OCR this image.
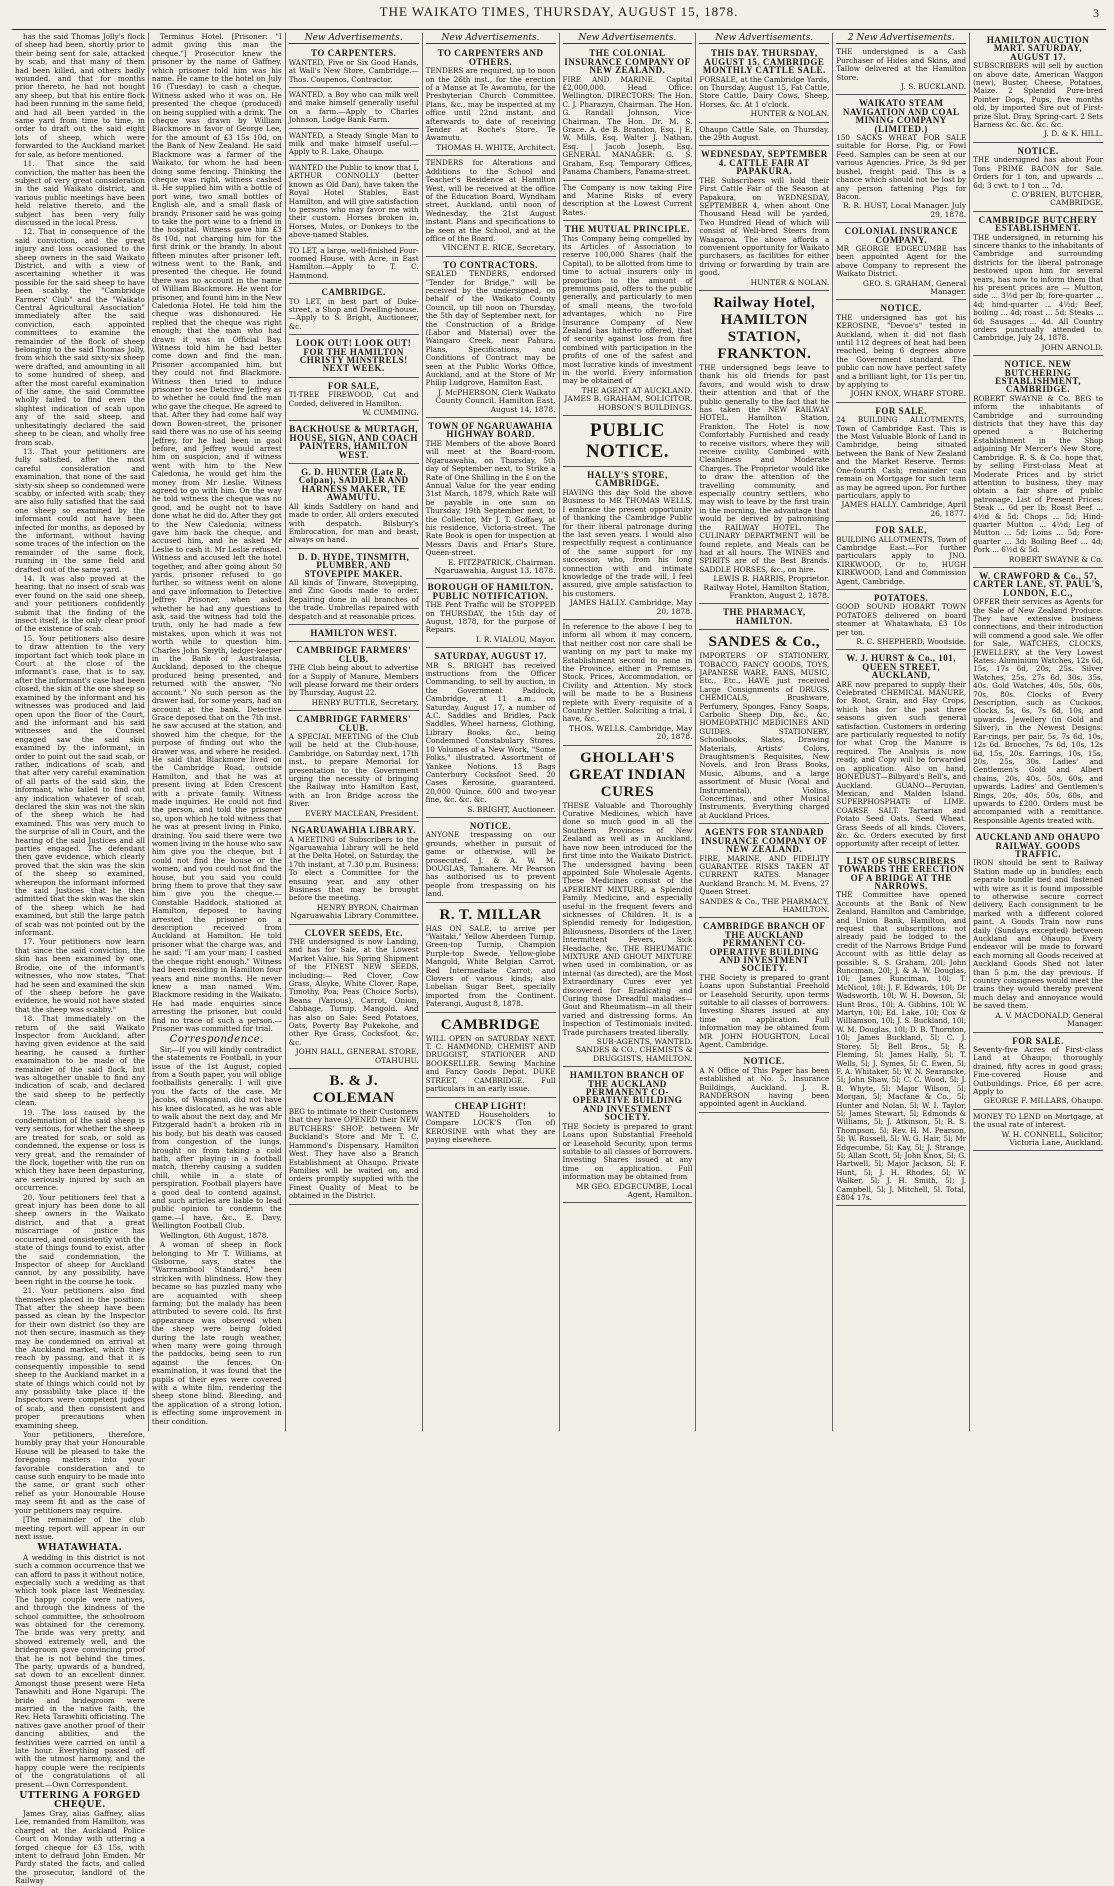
THE WAIKATO TIMES, THURSDAY, AUGUST 15, 1878.	3

has the said Thomas Jolly's flock of sheep had been, shortly prior to their being sent for sale, attacked by scab, and that many of them had been killed, and others badly wounded, and that for months prior thereto, he had not bought any sheep, but that his entire flock had been running in the same field, and had all been yarded in the same yard from time to time, in order to draft out the said eight lots of sheep, which were forwarded to the Auckland market for sale, as before mentioned.

11. That since the said conviction, the matter has been the subject of very great consideration in the said Waikato district, and various public meetings have been held relative thereto, and the subject has been very fully discussed in the local Press.

12. That in consequence of the said conviction, and the great injury and loss occasioned to the sheep owners in the said Waikato District, and with a view of ascertaining whether it was possible for the said sheep to have been scabby, the "Cambridge Farmers' Club" and the "Waikato Central Agricultural Association" immediately after the said conviction, each appointed committees to examine the remainder of the flock of sheep belonging to the said Thomas Jolly, from which the said sixty-six sheep were drafted, and amounting in all to some hundred of sheep, and after the most careful examination of the same, the said Committee wholly failed to find even the slightest indication of scab upon any of the said sheep, and unhesitatingly declared the said sheep to be clean, and wholly free from scab.

13. That your petitioners are fully satisfied, after the most careful consideration and examination, that none of the said sixty-six sheep so condemned were scabby, or infected with scab; they are also fully satisfied that the said one sheep so examined by the informant could not have been infected for months, as deposed by the informant, without having some traces of the infection on the remainder of the same flock, running in the same field and drafted out of the same yard.

14. It was also proved at the hearing, that no insect of scab was ever found on the said one sheep, and your petitioners confidently submit that the finding of the insect itself, is the only clear proof of the existence of scab.

15. Your petitioners also desire to draw attention to the very important fact which took place in Court at the close of the informant's case, that is to say, after the informant's case had been closed, the skin of the one sheep so examined by the informant and his witnesses was produced and laid open upon the floor of the Court, and the informant and his said witnesses and the Counsel engaged saw the said skin examined by the informant, in order to point out the said scab, or rather, indications of scab, and that after very careful examination of all parts of the said skin, the informant, who failed to find out any indication whatever of scab, declared the skin was not the skin of the sheep which he had examined. This was very much to the surprise of all in Court, and the hearing of the said Justices and all parties engaged. The defendant then gave evidence, which clearly proved that the skin was the skin of the sheep so examined, whereupon the informant informed the said Justices that he then admitted that the skin was the skin of the sheep which he had examined, but still the large patch of scab was not pointed out by the informant.

17. Your petitioners now learn that since the said conviction, the skin has been examined by one, Brodie, one of the informant's witnesses, who now states, "That had he seen and examined the skin of the sheep before he gave evidence, he would not have stated that the sheep was scabby."

18. That immediately on the return of the said Waikato Inspector from Auckland, after having given evidence at the said hearing, he caused a further examination to be made of the remainder of the said flock, but was altogether unable to find any indication of scab, and declared the said sheep to be perfectly clean.

19. The loss caused by the condemnation of the said sheep is very serious, for whether the sheep are treated for scab, or sold as condemned, the expense or loss is very great, and the remainder of the flock, together with the run on which they have been depasturing, are seriously injured by such an occurrence.

20. Your petitioners feel that a great injury has been done to all sheep owners in the Waikato district, and that a great miscarriage of justice has occurred, and consistently with the state of things found to exist, after the said condemnation, the Inspector of sheep for Auckland cannot, by any possibility, have been right in the course he took.

21. Your petitioners also find themselves placed in the position: That after the sheep have been passed as clean by the Inspector for their own district (so they are not then secure, inasmuch as they may be condemned on arrival at the Auckland market, which they reach by passing, and that it is consequently impossible to send sheep to the Auckland market in a state of things which could not by any possibility take place if the Inspectors were competent judges of scab, and then consistent and proper precautions when examining sheep.

Your petitioners, therefore, humbly pray that your Honourable House will be pleased to take the foregoing matters into your favorable consideration and to cause such enquiry to be made into the same, or grant such other relief as your Honourable House may seem fit and as the case of your petitioners may require.

[The remainder of the club meeting report will appear in our next issue.

WHATAWHATA.

A wedding in this district is not such a common occurrence that we can afford to pass it without notice, especially such a wedding as that which took place last Wednesday. The happy couple were natives, and through the kindness of the school committee, the schoolroom was obtained for the ceremony. The bride was very pretty, and showed extremely well, and the bridegroom gave convincing proof that he is not behind the times. The party, upwards of a hundred, sat down to an excellent dinner. Amongst those present were Heta Tanawhiti and Hone Ngarupi. The bride and bridegroom were married in the native faith, the Rev. Heta Tarawhiti officiating. The natives gave another proof of their dancing abilities, and the festivities were carried on until a late hour. Everything passed off with the utmost harmony, and the happy couple were the recipients of the congratulations of all present.—Own Correspondent.

UTTERING A FORGED CHEQUE.

James Gray, alias Gaffney, alias Lee, remanded from Hamilton, was charged at the Auckland Police Court on Monday with uttering a forged cheque for £3 15s, with intent to defraud John Emden. Mr Pardy stated the facts, and called the prosecutor, landlord of the Railway

Terminus Hotel. [Prisoner: "I admit giving this man the cheque."] Prosecutor knew the prisoner by the name of Gaffney, which prisoner told him was his name. He came to the hotel on July 16 (Tuesday) to cash a cheque. Witness asked who it was on. He presented the cheque (produced) on being supplied with a drink. The cheque was drawn by William Blackmore in favor of George Lee, for the amount of £3 15s 10d, on the Bank of New Zealand. He said Blackmore was a farmer of the Waikato, for whom he had been doing some fencing. Thinking the cheque was right, witness cashed it. He supplied him with a bottle of port wine, two small bottles of English ale, and a small flask of brandy. Prisoner said he was going to take the port wine to a friend in the hospital. Witness gave him £3 8s 10d, not charging him for the first drink or the brandy. In about fifteen minutes after prisoner left, witness went to the Bank, and presented the cheque. He found there was no account in the name of William Blackmore. He went for prisoner, and found him in the New Caledonia Hotel. He told him the cheque was dishonoured. He replied that the cheque was right enough; that the man who had drawn it was in Official Bay. Witness told him he had better come down and find the man. Prisoner accompanied him, but they could not find Blackmore. Witness then tried to induce prisoner to see Detective Jeffrey as to whether he could find the man who gave the cheque. He agreed to that. After they had come half way down Bowen-street, the prisoner said there was no use of his seeing Jeffrey, for he had been in gaol before, and Jeffrey would arrest him on suspicion, and if witness went with him to the New Caledonia, he would get him the money from Mr Leslie. Witness agreed to go with him. On the way he told witness the cheque was no good, and he ought not to have done what he did do. After they got to the New Caledonia, witness gave him back the cheque, and accused him, and he asked Mr Leslie to cash it. Mr Leslie refused. Witness and accused left the hotel together, and after going about 50 yards, prisoner refused to go further, so witness went on alone and gave information to Detective Jeffrey. Prisoner, when asked whether he had any questions to ask, said the witness had told the truth, only he had made a few mistakes, upon which it was not worth while to question him. Charles John Smyth, ledger-keeper in the Bank of Australasia, Auckland, deposed to the cheque produced being presented, and returned with the answer, "No account." No such person as the drawer had, for some years, had an account at the bank. Detective Grace deposed that on the 7th inst. he saw accused at the station, and showed him the cheque, for the purpose of finding out who the drawer was, and where he resided. He said that Blackmore lived on the Cambridge Road, outside Hamilton, and that he was at present living at Eden Crescent with a private family. Witness made inquiries. He could not find the person, and told the prisoner so, upon which he told witness that he was at present living in Pinko, draining. You said there were two women living in the house who saw him give you the cheque, but I could not find the house or the women, and you could not find the house, but you said you could bring them to prove that they saw him give you the cheque.—Constable Haddock, stationed at Hamilton, deposed to having arrested the prisoner on a description received from Auckland at Hamilton. He told prisoner what the charge was, and he said: "I am your man; I cashed the cheque right enough." Witness had been residing in Hamilton four years and nine months. He never knew a man named Wm. Blackmore residing in the Waikato. He had made enquiries since arresting the prisoner, but could find no trace of such a person.—Prisoner was committed for trial.

Correspondence.

Sir,—If you will kindly contradict the statements re Football, in your issue of the 1st August, copied from a South paper, you will oblige footballists generally. I will give you the facts of the case. Mr Jacobs, of Wanganui, did not have his knee dislocated, as he was able to walk about the next day, and Mr Fitzgerald hadn't a broken rib in his body, but his death was caused from congestion of the lungs, brought on from taking a cold bath, after playing in a football match, thereby causing a sudden chill, while in a state of perspiration. Football players have a good deal to contend against, and such articles are liable to lead public opinion to condemn the game.—I have, &c., E. Davy, Wellington Football Club.

Wellington, 6th August, 1878.

A woman of sheep in flock belonging to Mr T. Williams, at Gisborne, says, states the "Warrnambool Standard," been stricken with blindness. How they became so has puzzled many who are acquainted with sheep farming; but the malady has been attributed to severe cold. Its first appearance was observed when the sheep were being folded during the late rough weather, when many were going through the paddocks, being seen to run against the fences. On examination, it was found that the pupils of their eyes were covered with a white film, rendering the sheep stone blind. Bleeding, and the application of a strong lotion, is effecting some improvement in their condition.

New Advertisements.
TO CARPENTERS.
WANTED, Five or Six Good Hands, at Wall's New Store, Cambridge.—Thos. Coupenos, Contractor.
WANTED, a Boy who can milk well and make himself generally useful on a farm.—Apply to Charles Johnson, Lodge Bank Farm.
WANTED, a Steady Single Man to milk and make himself useful.—Apply to R. Lake, Ohaupo.
WANTED the Public to know that I, ARTHUR CONNOLLY (better known as Old Dan), have taken the Royal Hotel Stables, East Hamilton, and will give satisfaction to persons who may favor me with their custom. Horses broken in. Horses, Mules, or Donkeys to the above-named Stables.
TO LET, a large, well-finished Four-roomed House, with Acre, in East Hamilton.—Apply to T. C. Hammond.
CAMBRIDGE.
TO LET, in best part of Duke-street, a Shop and Dwelling-house.—Apply to S. Bright, Auctioneer, &c.
LOOK OUT! LOOK OUT! FOR THE HAMILTON CHRISTY MINSTRELS! NEXT WEEK.
FOR SALE,
TI-TREE FIREWOOD, Cut and Corded, delivered in Hamilton.
W. CUMMING.
BACKHOUSE & MURTAGH, HOUSE, SIGN, AND COACH PAINTERS, HAMILTON WEST.
G. D. HUNTER (Late R. Colpan), SADDLER AND HARNESS MAKER, TE AWAMUTU.
All kinds Saddlery on hand and made to order. All orders executed with despatch. Bilsbury's Embrocation, for man and beast, always on hand.
D. D. HYDE, TINSMITH, PLUMBER, AND STOVEPIPE MAKER.
All kinds of Tinware, Stovepiping, and Zinc Goods made to order. Repairing done in all branches of the trade. Umbrellas repaired with despatch and at reasonable prices.
HAMILTON WEST.
CAMBRIDGE FARMERS' CLUB.
THE Club being about to advertise for a Supply of Manure, Members will please forward me their orders by Thursday, August 22.
HENRY BUTTLE, Secretary.
CAMBRIDGE FARMERS' CLUB.
A SPECIAL MEETING of the Club will be held at the Club-house, Cambridge, on Saturday next, 17th inst., to prepare Memorial for presentation to the Government urging the necessity of bringing the Railway into Hamilton East, with an Iron Bridge across the River.
EVERY MACLEAN, President.
NGARUAWAHIA LIBRARY.
A MEETING of Subscribers to the Ngaruawahia Library will be held at the Delta Hotel, on Saturday, the 17th instant, at 7.30 p.m. Business: To elect a Committee for the ensuing year, and any other Business that may be brought before the meeting.
HENRY BYRON, Chairman Ngaruawahia Library Committee.
CLOVER SEEDS, Etc.
THE undersigned is now Landing, and has for Sale, at the Lowest Market Value, his Spring Shipment of the FINEST NEW SEEDS, including:— Red Clover, Cow Grass, Alsyke, White Clover, Rape, Timothy, Poa; Peas (Choice Sorts), Beans (Various), Carrot, Onion, Cabbage, Turnip, Mangold. And has also on Sale: Seed Potatoes, Oats, Poverty Bay Pukekohe, and other Rye Grass, Cocksfoot, &c. &c.
JOHN HALL, GENERAL STORE, OTAHUHU.
B. & J. COLEMAN
BEG to intimate to their Customers that they have OPENED their NEW BUTCHERS' SHOP, between Mr Buckland's Store and Mr T. C. Hammond's Dispensary, Hamilton West. They have also a Branch Establishment at Ohaupo. Private Families will be waited on, and orders promptly supplied with the Finest Quality of Meat to be obtained in the District.
New Advertisements.
TO CARPENTERS AND OTHERS.
TENDERS are required, up to noon on the 26th inst., for the erection of a Manse at Te Awamutu, for the Presbyterian Church Committee. Plans, &c., may be inspected at my office until 22nd instant, and afterwards to date of receiving Tender at Roche's Store, Te Awamutu.
THOMAS H. WHITE, Architect.
TENDERS for Alterations and Additions to the School and Teacher's Residence at Hamilton West, will be received at the office of the Education Board, Wyndham street, Auckland, until noon of Wednesday, the 21st August instant. Plans and specifications to be seen at the School, and at the office of the Board.
VINCENT E. RICE, Secretary.
TO CONTRACTORS.
SEALED TENDERS, endorsed "Tender for Bridge," will be received by the undersigned, on behalf of the Waikato County Council, up till noon on Thursday, the 5th day of September next, for the Construction of a Bridge (Labor and Material) over the Waingaro Creek, near Pahura. Plans, Specifications, and Conditions of Contract may be seen at the Public Works Office, Auckland, and at the Store of Mr Philip Ludgrove, Hamilton East.
J. McPHERSON, Clerk Waikato County Council. Hamilton East, August 14, 1878.
TOWN OF NGARUAWAHIA HIGHWAY BOARD.
THE Members of the above Board will meet at the Board-room, Ngaruawahia, on Thursday, 5th day of September next, to Strike a Rate of One Shilling in the £ on the Annual Value for the year ending 31st March, 1879, which Rate will be payable in one sum on Thursday, 19th September next, to the Collector, Mr J. T. Goffaey, at his residence, Victoria-street. The Rate Book is open for inspection at Messrs Davis and Friar's Store, Queen-street.
E. FITZPATRICK, Chairman. Ngaruawahia, August 13, 1878.
BOROUGH OF HAMILTON. PUBLIC NOTIFICATION.
THE Pent Traffic will be STOPPED on THURSDAY, the 15th day of August, 1878, for the purpose of Repairs.
I. R. VIALOU, Mayor.
SATURDAY, AUGUST 17.
MR S. BRIGHT has received instructions from the Officer Commanding, to sell by auction, in the Government Paddock, Cambridge, at 11 a.m., on Saturday, August 17, a number of A.C. Saddles and Bridles, Pack Saddles, Wheel harness, Clothing, Library Books, &c., being Condemned Constabulary Stores. 10 Volumes of a New Work, "Some Folks," illustrated. Assortment of Yankee Notions. 13 Bags Canterbury Cocksfoot Seed. 20 Cases Kerosine, guaranteed. 20,000 Quince, 600 and two-year fine, &c. &c. &c.
S. BRIGHT, Auctioneer.
NOTICE.
ANYONE trespassing on our grounds, whether in pursuit of game or otherwise, will be prosecuted. J. & A. W. M. DOUGLAS, Tamahere. Mr Pearson has authorised us to prevent people from trespassing on his land.
R. T. MILLAR
HAS ON SALE, to arrive per "Waitaki," Yellow Aberdeen Turnip, Green-top Turnip, Champion Purple-top Swede, Yellow-globe Mangold, White Belgian Carrot, Red Intermediate Carrot, and Clovers of various kinds; also Lobelian Sugar Beet, specially imported from the Continent. Paterangi, August 8, 1878.
CAMBRIDGE
WILL OPEN on SATURDAY NEXT. T. C. HAMMOND, CHEMIST AND DRUGGIST, STATIONER AND BOOKSELLER. Sewing Machine and Fancy Goods Depot. DUKE STREET, CAMBRIDGE. Full particulars in an early issue.
CHEAP LIGHT!
WANTED Householders to Compare LOCK'S (Ton of) KEROSINE with what they are paying elsewhere.
New Advertisements.
THE COLONIAL INSURANCE COMPANY OF NEW ZEALAND.
FIRE AND MARINE. Capital £2,000,000. Head Office: Wellington. DIRECTORS: The Hon. C. J. Pharazyn, Chairman. The Hon. G. Randall Johnson, Vice-Chairman. The Hon. Dr. M. S. Grace. A. de B. Brandon, Esq. | E. W. Mills, Esq. Walter J. Nathan, Esq. | Jacob Joseph, Esq. GENERAL MANAGER: G. S. Graham, Esq. Temporary Offices, Panama Chambers, Panama-street.
The Company is now taking Fire and Marine Risks of every description at the Lowest Current Rates.
THE MUTUAL PRINCIPLE.
This Company being compelled by its Articles of Association to reserve 100,000 Shares (half the Capital), to be allotted from time to time to actual insurers only in proportion to the amount of premiums paid, offers to the public generally, and particularly to men of small means, the two-fold advantages, which no Fire Insurance Company of New Zealand has hitherto offered, that of security against loss from fire combined with participation in the profits of one of the safest and most lucrative kinds of investment in the world. Every information may be obtained of
THE AGENT AT AUCKLAND. JAMES B. GRAHAM, SOLICITOR, HOBSON'S BUILDINGS.
PUBLIC NOTICE.
HALLY'S STORE, CAMBRIDGE.
HAVING this day Sold the above Business to MR THOMAS WELLS, I embrace the present opportunity of thanking the Cambridge Public for their liberal patronage during the last seven years. I would also respectfully request a continuance of the same support for my successor, who, from his long connection with and intimate knowledge of the trade will, I feel assured, give ample satisfaction to his customers.
JAMES HALLY. Cambridge, May 20, 1878.
In reference to the above I beg to inform all whom it may concern, that neither cost nor care shall be wanting on my part to make my Establishment second to none in the Province, either in Premises, Stock, Prices, Accommodation, or Civility and Attention. My stock will be made to be a Business replete with Every requisite of a Country Settler. Soliciting a trial, I have, &c.,
THOS. WELLS. Cambridge, May 20, 1878.
GHOLLAH'S GREAT INDIAN CURES
THESE Valuable and Thoroughly Curative Medicines, which have done so much good in all the Southern Provinces of New Zealand as well as in Auckland, have now been introduced for the first time into the Waikato District. The undersigned having been appointed Sole Wholesale Agents. These Medicines consist of the APERIENT MIXTURE, a Splendid Family Medicine, and especially useful in the frequent fevers and sicknesses of Children. It is a Splendid remedy for Indigestion, Biliousness, Disorders of the Liver, Intermittent Fevers, Sick Headache, &c. THE RHEUMATIC MIXTURE AND GHOUT MIXTURE when used in combination, or as internal (as directed), are the Most Extraordinary Cures ever yet discovered for Eradicating and Curing those Dreadful maladies—Gout and Rheumatism—in all their varied and distressing forms. An Inspection of Testimonials invited. Trade purchasers treated liberally.
SUB-AGENTS, WANTED. SANDES & CO., CHEMISTS & DRUGGISTS, HAMILTON.
HAMILTON BRANCH OF THE AUCKLAND PERMANENT CO-OPERATIVE BUILDING AND INVESTMENT SOCIETY.
THE Society is prepared to grant Loans upon Substantial Freehold or Leasehold Security, upon terms suitable to all classes of borrowers. Investing Shares issued at any time on application. Full information may be obtained from
MR GEO. EDGECUMBE, Local Agent, Hamilton.
New Advertisements.
THIS DAY. THURSDAY, AUGUST 15. CAMBRIDGE MONTHLY CATTLE SALE.
FORSALE, at the Cambridge Yards, on Thursday, August 15, Fat Cattle, Store Cattle, Dairy Cows, Sheep, Horses, &c. At 1 o'clock.
HUNTER & NOLAN.
Ohaupo Cattle Sale, on Thursday, the 29th August.
WEDNESDAY, SEPTEMBER 4. CATTLE FAIR AT PAPAKURA.
THE Subscribers will hold their First Cattle Fair of the Season at Papakura, on WEDNESDAY, SEPTEMBER 4, when about One Thousand Head will be yarded, Two Hundred Head of which will consist of Well-bred Steers from Waagaroa. The above affords a convenient opportunity for Waikato purchasers, as facilities for either driving or forwarding by train are good.
HUNTER & NOLAN.
Railway Hotel, HAMILTON STATION, FRANKTON.
THE undersigned begs leave to thank his old friends for past favors, and would wish to draw their attention and that of the public generally to the fact that he has taken the NEW RAILWAY HOTEL, Hamilton Station, Frankton. The Hotel is now Comfortably Furnished and ready to receive visitors, where they will receive civility, Combined with Cleanliness and Moderate Charges. The Proprietor would like to draw the attention of the travelling community, and especially country settlers, who may wish to leave by the first train in the morning, the advantage that would be derived by patronising the RAILWAY HOTEL. The CULINARY DEPARTMENT will be found replete, and Meals can be had at all hours. The WINES and SPIRITS are of the Best Brands. SADDLE HORSES, &c., on hire.
LEWIS B. HARRIS, Proprietor. Railway Hotel, Hamilton Station, Frankton, August 2, 1878.
THE PHARMACY, HAMILTON.
SANDES & Co.,
IMPORTERS OF STATIONERY, TOBACCO, FANCY GOODS, TOYS, JAPANESE WARE, FANS, MUSIC, Etc., Etc., HAVE just received Large Consignments of DRUGS, CHEMICALS, Brushware, Perfumery, Sponges, Fancy Soaps, Carbolic Sheep Dip, &c., &c. HOMEOPATHIC MEDICINES AND GUIDES. STATIONERY, Schoolbooks, Slates, Drawing Materials, Artists' Colors, Draughtsmen's Requisites, New Novels, and Iron Brass Books, Music, Albums, and a large assortment of Music (Vocal and Instrumental), Violins, Concertinas, and other Musical Instruments. Everything charged at Auckland Prices.
AGENTS FOR STANDARD INSURANCE COMPANY OF NEW ZEALAND.
FIRE, MARINE, AND FIDELITY GUARANTEE RISKS TAKEN AT CURRENT RATES. Manager Auckland Branch: M. M. Evens, 27 Queen Street.
SANDES & Co., THE PHARMACY, HAMILTON.
CAMBRIDGE BRANCH OF THE AUCKLAND PERMANENT CO-OPERATIVE BUILDING AND INVESTMENT SOCIETY.
THE Society is prepared to grant Loans upon Substantial Freehold or Leasehold Security, upon terms suitable to all classes of borrowers. Investing Shares issued at any time on application. Full information may be obtained from MR JOHN HOUGHTON, Local Agent, Cambridge.
NOTICE.
A N Office of This Paper has been established at No. 5, Insurance Buildings, Auckland. J. R. RANDERSON having been appointed agent in Auckland.
2 New Advertisements.
THE undersigned is a Cash Purchaser of Hides and Skins, and Tallow delivered at the Hamilton Store.
J. S. BUCKLAND.
WAIKATO STEAM NAVIGATION AND COAL MINING COMPANY (LIMITED.)
150 SACKS WHEAT FOR SALE suitable for Horse, Pig, or Fowl Feed. Samples can be seen at our various Agencies. Price, 3s 9d per bushel, freight paid. This is a chance which should not be lost by any person fattening Pigs for Bacon.
R. R. HUST, Local Manager. July 29, 1878.
COLONIAL INSURANCE COMPANY.
MR GEORGE EDGECUMBE has been appointed Agent for the above Company to represent the Waikato District.
GEO. S. GRAHAM, General Manager.
NOTICE.
THE undersigned has got his KEROSINE, "Devoe's" tested in Auckland, when it did not flash until 112 degrees of heat had been reached, being 6 degrees above the Government standard. The public can now have perfect safety and a brilliant light, for 11s per tin, by applying to
JOHN KNOX, WHARF STORE.
FOR SALE.
24 BUILDING ALLOTMENTS, Town of Cambridge East. This is the Most Valuable Block of Land in Cambridge, being situated between the Bank of New Zealand and the Market Reserve. Terms: One-fourth Cash; remainder can remain on Mortgage for such term as may be agreed upon. For further particulars, apply to
JAMES HALLY. Cambridge, April 26, 1877.
FOR SALE,
BUILDING ALLOTMENTS, Town of Cambridge East.—For further particulars apply to JNO. KIRKWOOD, Or to, HUGH KIRKWOOD, Land and Commission Agent, Cambridge.
POTATOES.
GOOD SOUND HOBART TOWN POTATOES delivered on board steamer at Whatawhata, £3 10s per ton.
R. C. SHEPHERD, Woodside.
W. J. HURST & Co., 101, QUEEN STREET, AUCKLAND,
ARE now prepared to supply their Celebrated CHEMICAL MANURE, for Root, Grain, and Hay Crops, which has for the past three seasons given such general satisfaction. Customers in ordering are particularly requested to notify for what Crop the Manure is required. The Analysis is now ready, and Copy will be forwarded on application. Also on hand, BONEDUST—Bilbyard's Bell's, and Auckland. GUANO—Peruvian, Mexican, and Malden Island. SUPERPHOSPHATE of LIME. COARSE SALT. Tartarian and Potato Seed Oats. Seed Wheat. Grass Seeds of all kinds. Clovers, &c. &c. Orders executed by first opportunity after receipt of letter.
LIST OF SUBSCRIBERS TOWARDS THE ERECTION OF A BRIDGE AT THE NARROWS.
THE Committee have opened Accounts at the Bank of New Zealand, Hamilton and Cambridge, and Union Bank, Hamilton, and request that subscriptions not already paid be lodged to the credit of the Narrows Bridge Fund Account with as little delay as possible: S. S. Graham, 20l; John Runciman, 20l; J. & A. W. Douglas, 10l; James Runciman, 10l; T. McNicol, 10l; J. F. Edwards, 10l; Dr Wadsworth, 10l; W. H. Dowson, 5l; Hunt Bros., 10l; A. Gibbins, 10l; W. Martyn, 10l; Ed. Lake, 10l; Cox & Williamson, 10l; J. S. Buckland, 10l; W. M. Douglas, 10l; D. B. Thornton, 10l; James Buckland, 5l; C. J. Storey, 5l; Bell Bros., 5l; R. Fleming, 5l; James Hally, 5l; T. Wells, 5l; J. Symes, 5l; C. Ewen, 5l; F. A. Whitaker, 5l; W. N. Searancke, 5l; John Shaw, 5l; C. C. Wood, 5l; J. B. Whyte, 5l; Major Wilson, 5l; Morgan, 5l; Macfane & Co., 5l; Hunter and Nolan, 5l; W. I. Taylor, 5l; James Stewart, 5l; Edmonds & Williams, 5l; J. Atkinson, 5l; R. S. Thompson, 5l; Rev. H. M. Pearson, 5l; W. Russell, 5l; W. G. Hair, 5l; Mr Edgecumbe, 5l; Kay, 5l; J. Strange, 5l; Allan Scott, 5l; John Knox, 5l; G. Hartwell, 5l; Major Jackson, 5l; F. Hunt, 5l; J. H. Rhodes, 5l; W. Walker, 5l; J. H. Smith, 5l; J. Campbell, 5l; J. Mitchell, 5l. Total, £804 17s.
HAMILTON AUCTION MART. SATURDAY, AUGUST 17.
SUBSCRIBERS will sell by auction on above date, American Waggon (new), Buster, Cheese, Potatoes, Maize. 2 Splendid Pure-bred Pointer Dogs, Pups, five months old, by imported Sire out of First-prize Slut. Dray, Spring-cart. 2 Sets Harness &c. &c. &c. &c.
J. D. & K. HILL.
NOTICE.
THE undersigned has about Four Tons PRIME BACON for Sale. Orders for 1 ton, and upwards ... 6d; 3 cwt. to 1 ton ... 7d.
C. O'BRIEN, BUTCHER, CAMBRIDGE.
CAMBRIDGE BUTCHERY ESTABLISHMENT.
THE undersigned, in returning his sincere thanks to the inhabitants of Cambridge and surrounding districts for the liberal patronage bestowed upon him for several years, has now to inform them that his present prices are — Mutton, side ... 3½d per lb; fore-quarter ... 4d; hind-quarter ... 4½d; Beef, boiling ... 4d; roast ... 5d; Steaks ... 6d; Sausages ... 4d. All Country orders punctually attended to. Cambridge, July 24, 1878.
JOHN ARNOLD.
NOTICE. NEW BUTCHERING ESTABLISHMENT, CAMBRIDGE.
ROBERT SWAYNE & Co. BEG to inform the inhabitants of Cambridge and surrounding districts that they have this day opened a Butchering Establishment in the Shop adjoining Mr Mercer's New Store, Cambridge. R. S. & Co. hope that, by selling First-class Meat at Moderate Prices and by strict attention to business, they may obtain a fair share of public patronage. List of Present Prices: Steak ... 6d per lb; Roast Beef ... 4½d & 5d; Chops ... 5d; Hind-quarter Mutton ... 4½d; Leg of Mutton ... 5d; Loins ... 5d; Fore-quarter ... 3d; Boiling Beef ... 4d; Pork ... 6½d & 5d.
ROBERT SWAYNE & Co.
W. CRAWFORD & Co., 57, CARTER LANE, ST. PAUL'S, LONDON, E.C.,
OFFER their services as Agents for the Sale of New Zealand Produce. They have extensive business connections, and their introduction will commend a good sale. We offer for Sale, WATCHES, CLOCKS, JEWELLERY, at the Very Lowest Rates: Aluminium Watches, 12s 6d, 15s, 17s 6d, 20s, 25s. Silver Watches, 25s, 27s 6d, 30s, 35s, 40s. Gold Watches, 40s, 50s, 60s, 70s, 80s. Clocks of Every Description, such as Cuckoos, Clocks, 5s, 6s, 7s 6d, 10s, and upwards. Jewellery (in Gold and Silver), in the Newest Designs: Ear-rings, per pair, 5s, 7s 6d, 10s, 12s 6d. Brooches, 7s 6d, 10s, 12s 6d, 15s, 20s. Earrings, 10s, 15s, 20s, 25s, 30s. Ladies' and Gentlemen's Gold and Albert chains, 20s, 40s, 50s, 60s, and upwards. Ladies' and Gentlemen's Rings, 20s, 40s, 50s, 60s, and upwards to £200. Orders must be accompanied with a remittance. Responsible Agents treated with.
AUCKLAND AND OHAUPO RAILWAY. GOODS TRAFFIC.
IRON should be sent to Railway Station made up in bundles; each separate bundle tied and fastened with wire as it is found impossible to otherwise secure correct delivery. Each consignment to be marked with a different colored paint. A Goods Train now runs daily (Sundays excepted) between Auckland and Ohaupo. Every endeavor will be made to forward each morning all Goods received at Auckland Goods Shed not later than 5 p.m. the day previous. If country consignees would meet the trains they would thereby prevent much delay and annoyance would be saved them.
A. V. MACDONALD, General Manager.
FOR SALE.
Seventy-five Acres of First-class Land at Ohaupo; thoroughly drained, fifty acres in good grass; Fine-covered House and Outbuildings. Price, £6 per acre. Apply to
GEORGE F. MILLARS, Ohaupo.
MONEY TO LEND on Mortgage, at the usual rate of interest.
W. H. CONNELL, Solicitor, Victoria Lane, Auckland.
